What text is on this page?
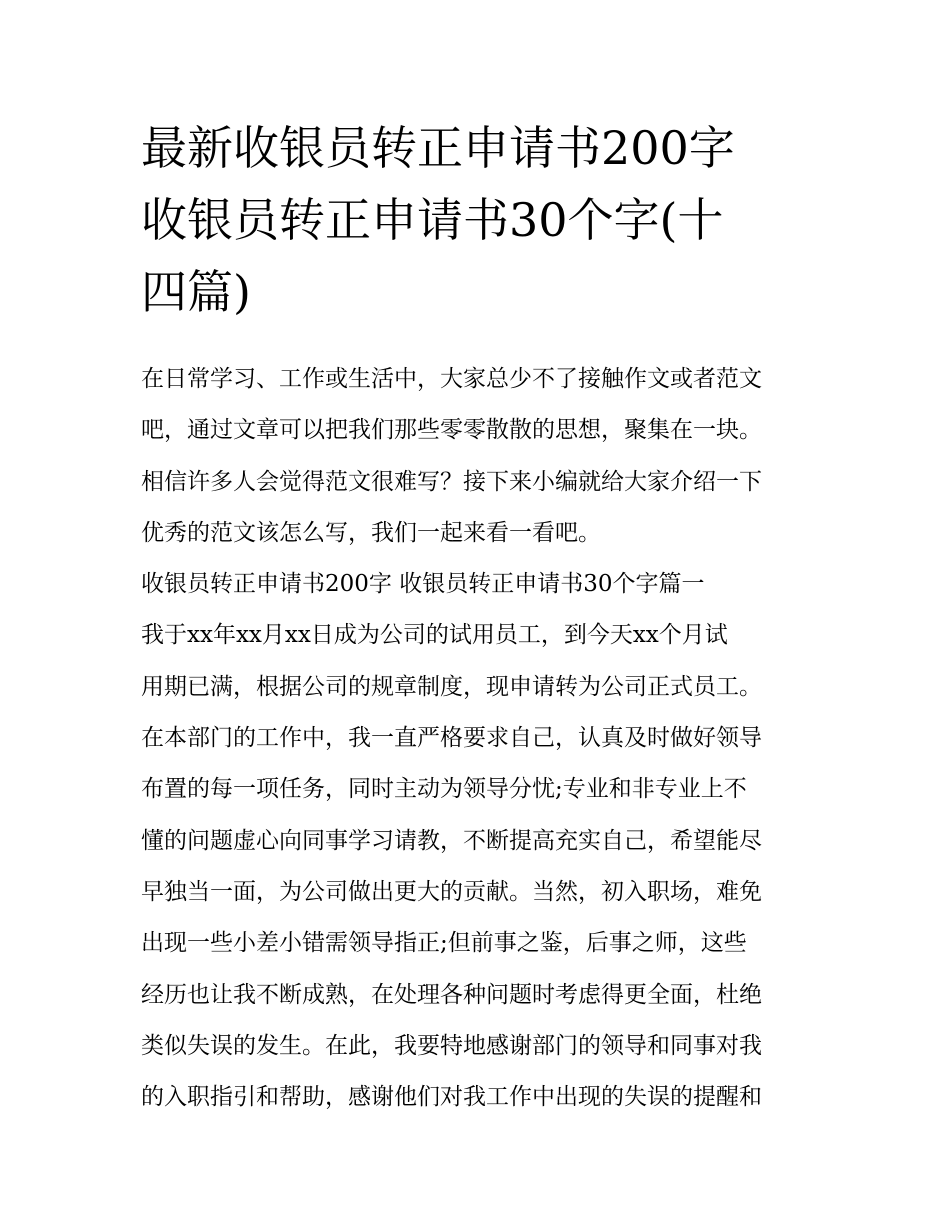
最新收银员转正申请书200字
收银员转正申请书30个字(十
四篇)
在日常学习、工作或生活中，大家总少不了接触作文或者范文
吧，通过文章可以把我们那些零零散散的思想，聚集在一块。
相信许多人会觉得范文很难写？接下来小编就给大家介绍一下
优秀的范文该怎么写，我们一起来看一看吧。
收银员转正申请书200字 收银员转正申请书30个字篇一
我于xx年xx月xx日成为公司的试用员工，到今天xx个月试
用期已满，根据公司的规章制度，现申请转为公司正式员工。
在本部门的工作中，我一直严格要求自己，认真及时做好领导
布置的每一项任务，同时主动为领导分忧;专业和非专业上不
懂的问题虚心向同事学习请教，不断提高充实自己，希望能尽
早独当一面，为公司做出更大的贡献。当然，初入职场，难免
出现一些小差小错需领导指正;但前事之鉴，后事之师，这些
经历也让我不断成熟，在处理各种问题时考虑得更全面，杜绝
类似失误的发生。在此，我要特地感谢部门的领导和同事对我
的入职指引和帮助，感谢他们对我工作中出现的失误的提醒和
